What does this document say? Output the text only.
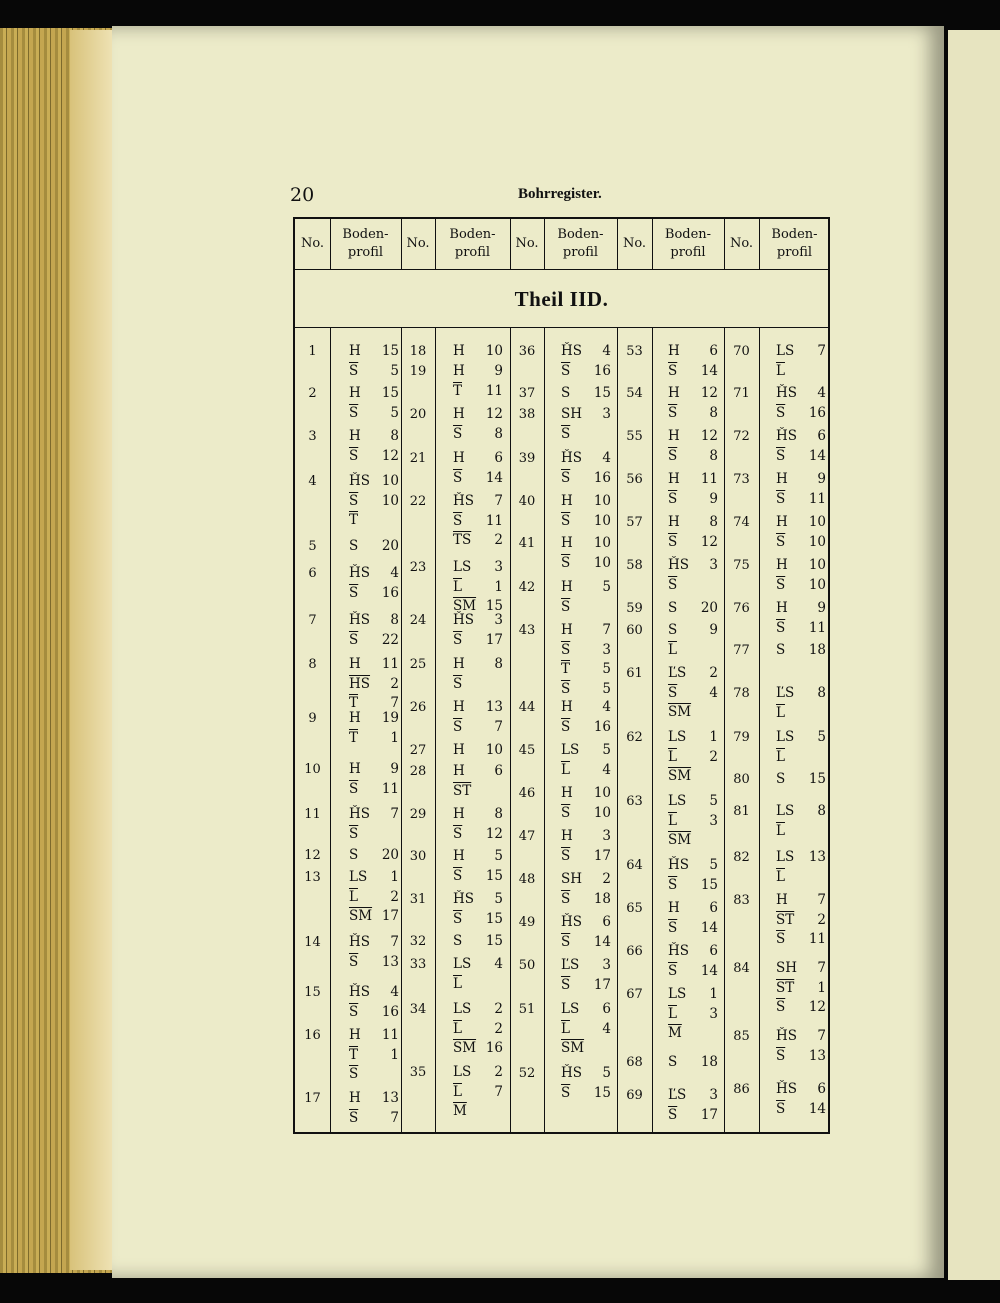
20	Bohrregister.
No.
Boden-
profil
No.
Boden-
profil
No.
Boden-
profil
No.
Boden-
profil
No.
Boden-
profil
Theil IID.
1	H	15
$\overline{S}$	5
2	H	15
$\overline{S}$	5
3	H	8
$\overline{S}$	12
4	ȞS 10
$\overline{S}$	10
$\overline{T}$
5	S	20
6	ȞS	4
$\overline{S}$	16
7	ȞS	8
$\overline{S}$	22
8	H	11
$\overline{HS}$	2
$\overline{T}$	7
9	H	19
$\overline{T}$	1
10	H	9
$\overline{S}$	11
11	ȞS	7
$\overline{S}$
12	S	20
13	LS	1
$\overline{L}$	2
$\overline{SM}$ 17
14	ȞS	7
$\overline{S}$	13
15	ȞS	4
$\overline{S}$	16
16	H	11
$\overline{T}$	1
$\overline{S}$
17	H	13
$\overline{S}$	7
18	H	10
19	H	9
$\overline{T}$	11
20	H	12
$\overline{S}$	8
21	H	6
$\overline{S}$	14
22	ȞS	7
$\overline{S}$	11
$\overline{TS}$	2
23	LS	3
$\overline{L}$	1
$\overline{SM}$ 15
24	ȞS	3
$\overline{S}$	17
25	H	8
$\overline{S}$
26	H	13
$\overline{S}$	7
27	H	10
28	H	6
$\overline{ST}$
29	H	8
$\overline{S}$	12
30	H	5
$\overline{S}$	15
31	ȞS	5
$\overline{S}$	15
32	S	15
33	LS	4
$\overline{L}$
34	LS	2
$\overline{L}$	2
$\overline{SM}$ 16
35	LS	2
$\overline{L}$	7
$\overline{M}$
36	ȞS	4
$\overline{S}$	16
37	S	15
38	SH	3
$\overline{S}$
39	ȞS	4
$\overline{S}$	16
40	H	10
$\overline{S}$	10
41	H	10
$\overline{S}$	10
42	H	5
$\overline{S}$
43	H	7
$\overline{S}$	3
$\overline{T}$	5
$\overline{S}$	5
44	H	4
$\overline{S}$	16
45	LS	5
$\overline{L}$	4
46	H	10
$\overline{S}$	10
47	H	3
$\overline{S}$	17
48	SH	2
$\overline{S}$	18
49	ȞS	6
$\overline{S}$	14
50	ĽS	3
$\overline{S}$	17
51	LS	6
$\overline{L}$	4
$\overline{SM}$
52	ȞS	5
$\overline{S}$	15
53	H	6
$\overline{S}$	14
54	H	12
$\overline{S}$	8
55	H	12
$\overline{S}$	8
56	H	11
$\overline{S}$	9
57	H	8
$\overline{S}$	12
58	ȞS	3
$\overline{S}$
59	S	20
60	S	9
$\overline{L}$
61	ĽS	2
$\overline{S}$	4
$\overline{SM}$
62	LS	1
$\overline{L}$	2
$\overline{SM}$
63	LS	5
$\overline{L}$	3
$\overline{SM}$
64	ȞS	5
$\overline{S}$	15
65	H	6
$\overline{S}$	14
66	ȞS	6
$\overline{S}$	14
67	LS	1
$\overline{L}$	3
$\overline{M}$
68	S	18
69	ĽS	3
$\overline{S}$	17
70	LS	7
$\overline{L}$
71	ȞS	4
$\overline{S}$	16
72	ȞS	6
$\overline{S}$	14
73	H	9
$\overline{S}$	11
74	H	10
$\overline{S}$	10
75	H	10
$\overline{S}$	10
76	H	9
$\overline{S}$	11
77	S	18
78	ĽS	8
$\overline{L}$
79	LS	5
$\overline{L}$
80	S	15
81	LS	8
$\overline{L}$
82	LS	13
$\overline{L}$
83	H	7
$\overline{ST}$	2
$\overline{S}$	11
84	SH	7
$\overline{ST}$	1
$\overline{S}$	12
85	ȞS	7
$\overline{S}$	13
86	ȞS	6
$\overline{S}$	14
